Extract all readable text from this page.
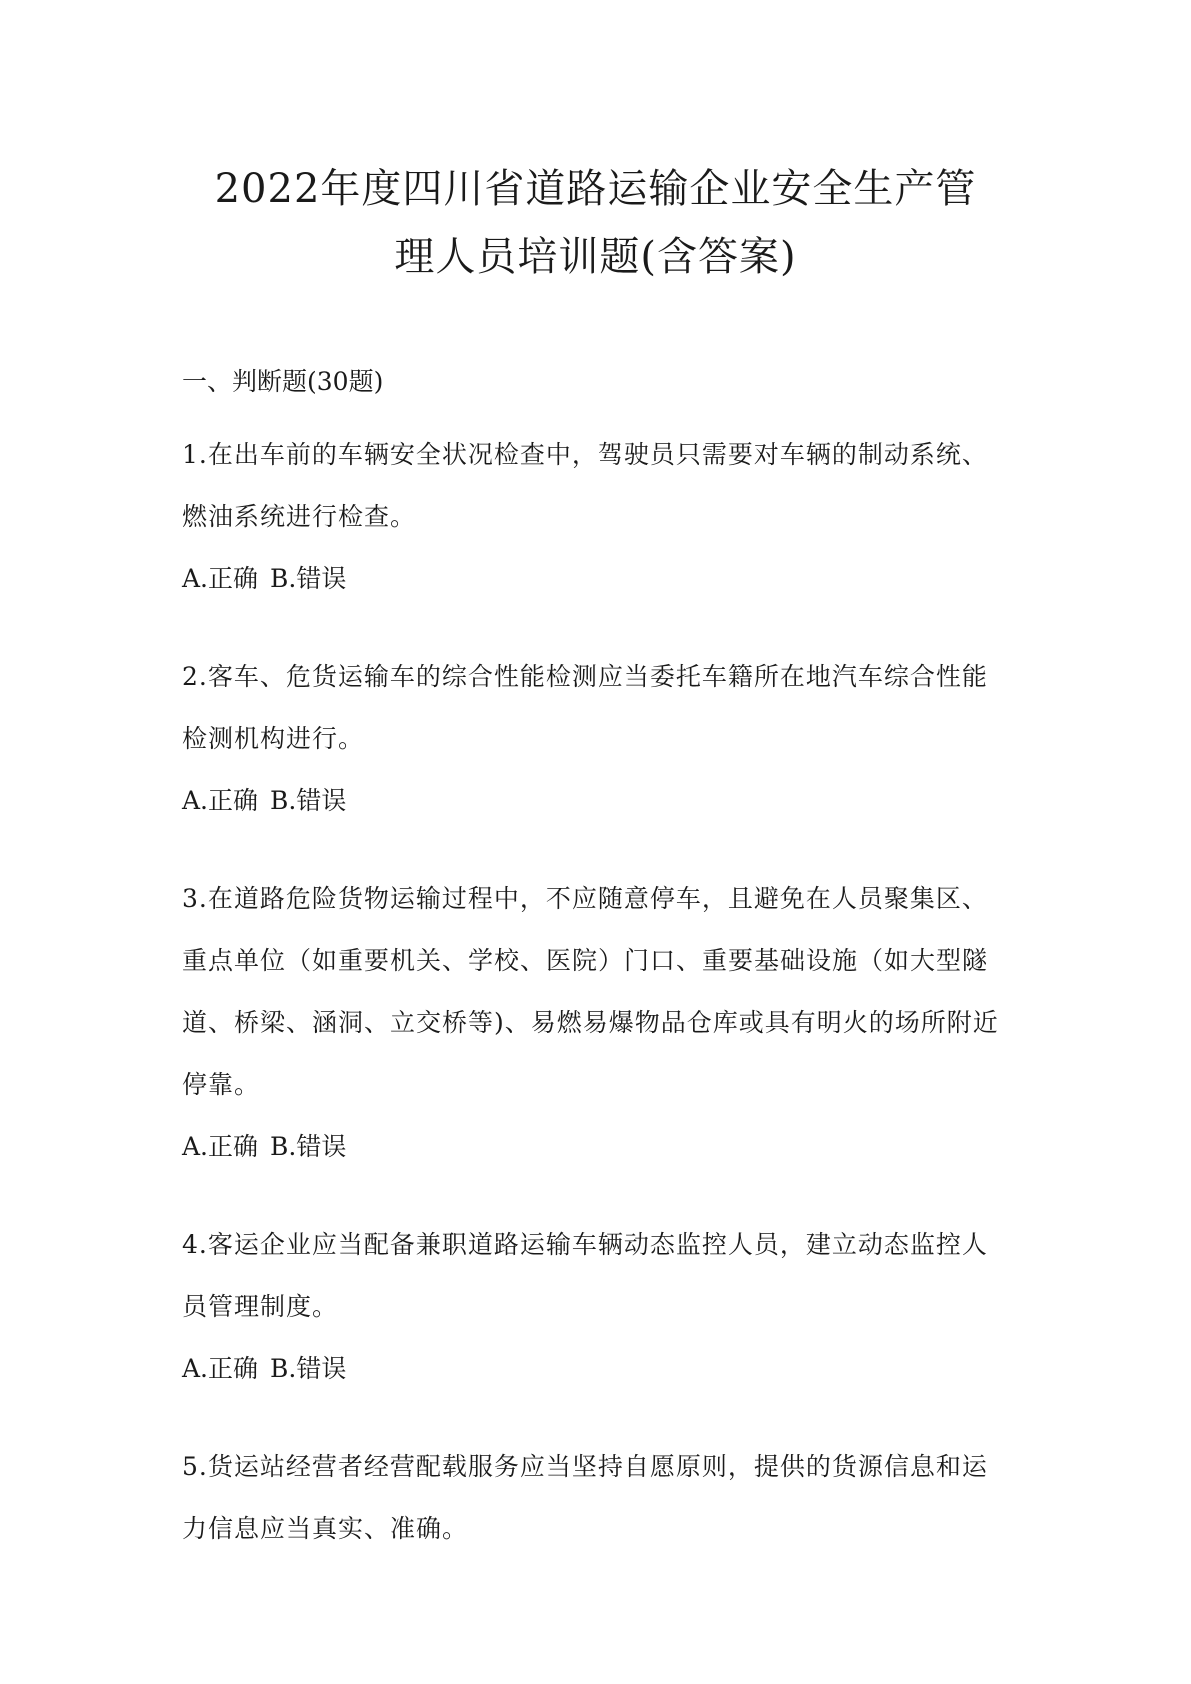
2022年度四川省道路运输企业安全生产管
理人员培训题(含答案)
一、判断题(30题)
1.在出车前的车辆安全状况检查中，驾驶员只需要对车辆的制动系统、
燃油系统进行检查。
A.正确 B.错误
2.客车、危货运输车的综合性能检测应当委托车籍所在地汽车综合性能
检测机构进行。
A.正确 B.错误
3.在道路危险货物运输过程中，不应随意停车，且避免在人员聚集区、
重点单位（如重要机关、学校、医院）门口、重要基础设施（如大型隧
道、桥梁、涵洞、立交桥等)、易燃易爆物品仓库或具有明火的场所附近
停靠。
A.正确 B.错误
4.客运企业应当配备兼职道路运输车辆动态监控人员，建立动态监控人
员管理制度。
A.正确 B.错误
5.货运站经营者经营配载服务应当坚持自愿原则，提供的货源信息和运
力信息应当真实、准确。
